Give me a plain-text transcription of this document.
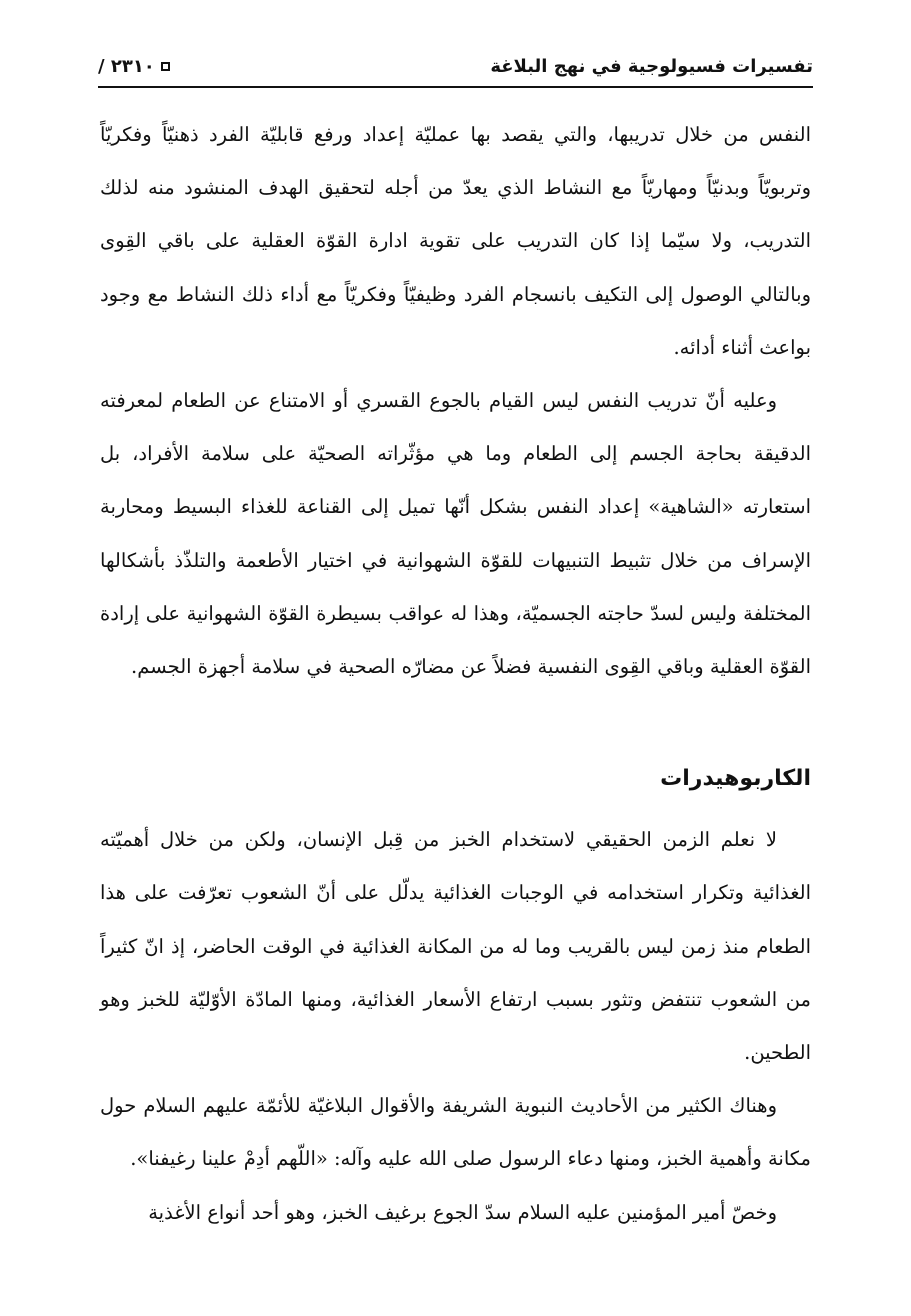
تفسيرات فسيولوجية في نهج البلاغة
٢٣١٠ /

النفس من خلال تدريبها، والتي يقصد بها عمليّة إعداد ورفع قابليّة الفرد ذهنيّاً وفكريّاً وتربويّاً وبدنيّاً ومهاريّاً مع النشاط الذي يعدّ من أجله لتحقيق الهدف المنشود منه لذلك التدريب، ولا سيّما إذا كان التدريب على تقوية ادارة القوّة العقلية على باقي القِوى وبالتالي الوصول إلى التكيف بانسجام الفرد وظيفيّاً وفكريّاً مع أداء ذلك النشاط مع وجود بواعث أثناء أدائه.

وعليه أنّ تدريب النفس ليس القيام بالجوع القسري أو الامتناع عن الطعام لمعرفته الدقيقة بحاجة الجسم إلى الطعام وما هي مؤثّراته الصحيّة على سلامة الأفراد، بل استعارته «الشاهية» إعداد النفس بشكل أنّها تميل إلى القناعة للغذاء البسيط ومحاربة الإسراف من خلال تثبيط التنبيهات للقوّة الشهوانية في اختيار الأطعمة والتلذّذ بأشكالها المختلفة وليس لسدّ حاجته الجسميّة، وهذا له عواقب بسيطرة القوّة الشهوانية على إرادة القوّة العقلية وباقي القِوى النفسية فضلاً عن مضارّه الصحية في سلامة أجهزة الجسم.

الكاربوهيدرات

لا نعلم الزمن الحقيقي لاستخدام الخبز من قِبل الإنسان، ولكن من خلال أهميّته الغذائية وتكرار استخدامه في الوجبات الغذائية يدلّل على أنّ الشعوب تعرّفت على هذا الطعام منذ زمن ليس بالقريب وما له من المكانة الغذائية في الوقت الحاضر، إذ انّ كثيراً من الشعوب تنتفض وتثور بسبب ارتفاع الأسعار الغذائية، ومنها المادّة الأوّليّة للخبز وهو الطحين.

وهناك الكثير من الأحاديث النبوية الشريفة والأقوال البلاغيّة للأئمّة عليهم السلام حول مكانة وأهمية الخبز، ومنها دعاء الرسول صلى الله عليه وآله: «اللّهم أدِمْ علينا رغيفنا».

وخصّ أمير المؤمنين عليه السلام سدّ الجوع برغيف الخبز، وهو أحد أنواع الأغذية
